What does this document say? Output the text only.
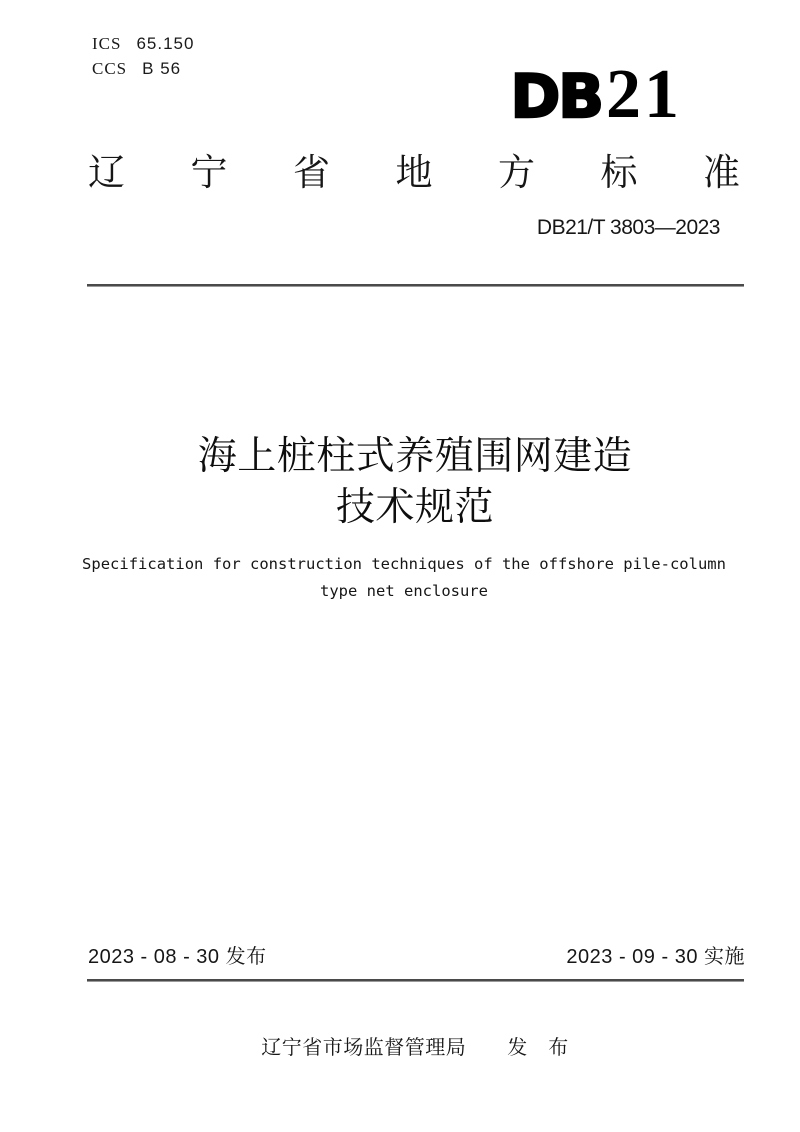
ICS 65.150
CCS B 56	DB21
辽宁省地方标准
DB21/T 3803—2023
海上桩柱式养殖围网建造
技术规范
Specification for construction techniques of the offshore pile-column
type net enclosure
2023 - 08 - 30 发布	2023 - 09 - 30 实施
辽宁省市场监督管理局　　发　布
